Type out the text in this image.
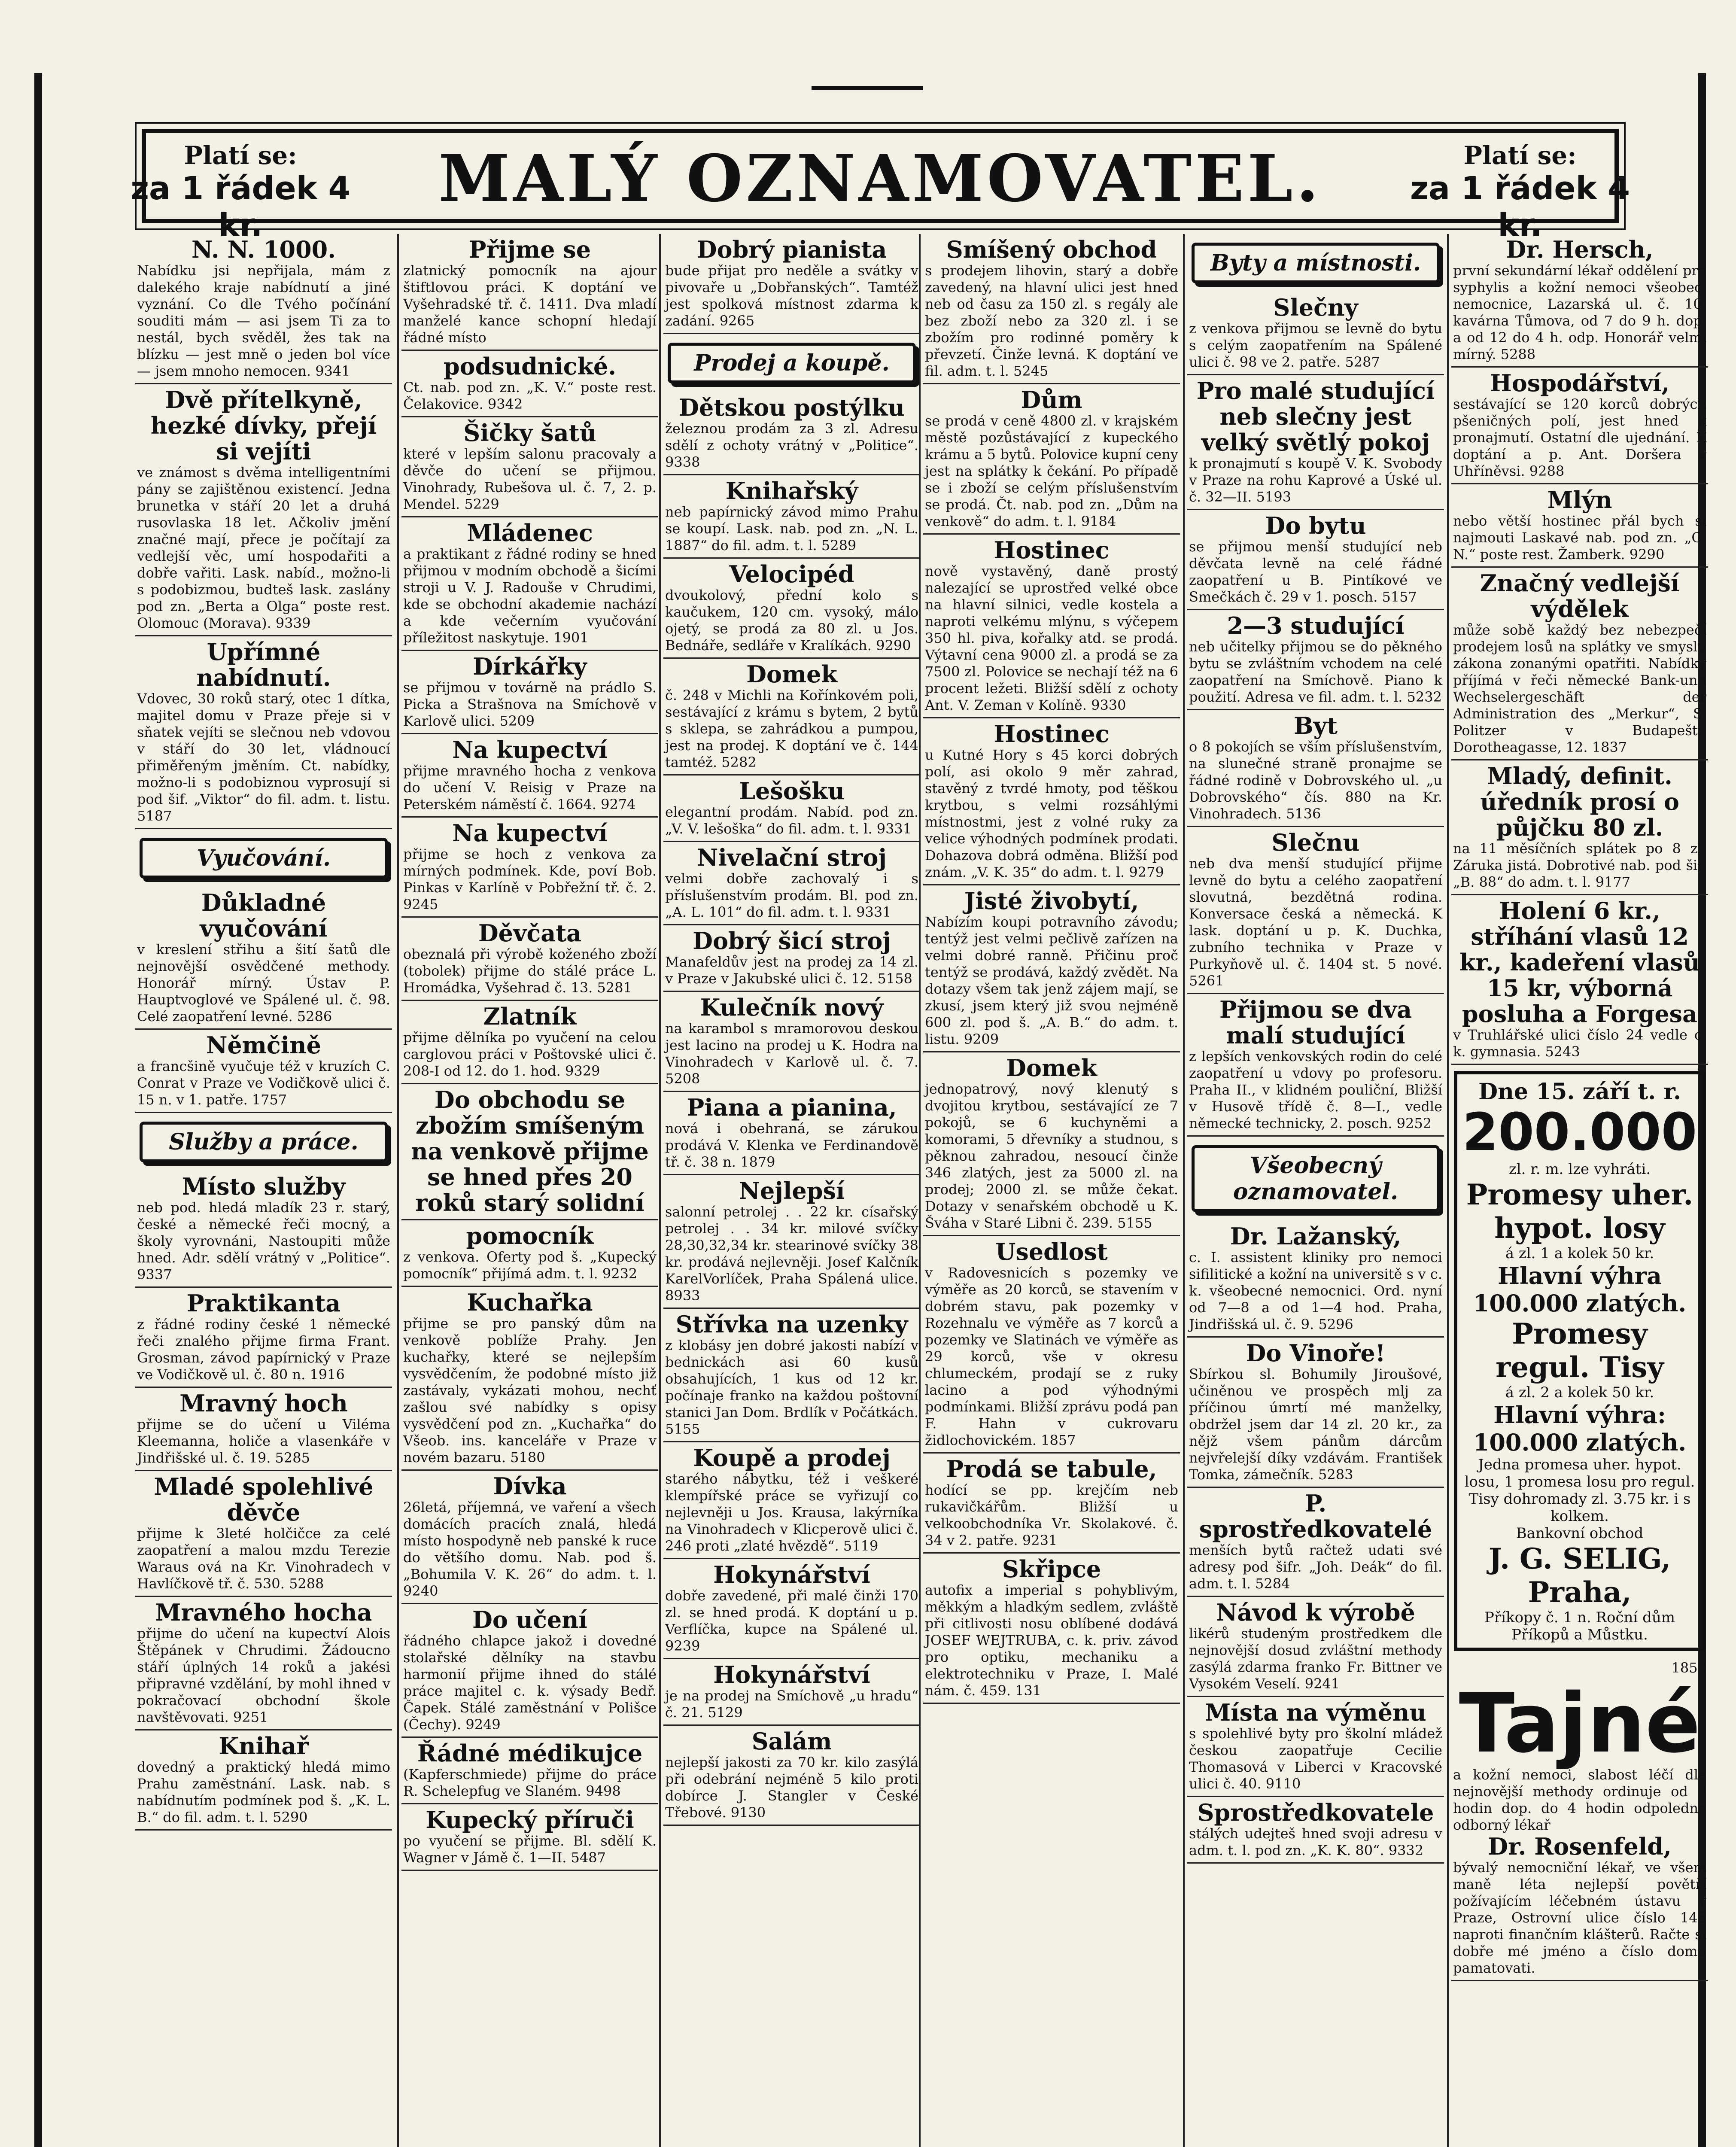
Platí se:
za 1 řádek 4 kr.
MALÝ OZNAMOVATEL.	Platí se:
za 1 řádek 4 kr.
N. N. 1000.
Nabídku jsi nepřijala, mám z dalekého kraje nabídnutí a jiné vyznání. Co dle Tvého počínání souditi mám — asi jsem Ti za to nestál, bych svěděl, žes tak na blízku — jest mně o jeden bol více — jsem mnoho nemocen. 9341
Dvě přítelkyně, hezké dívky, přejí si vejíti
ve známost s dvěma intelligentními pány se zajištěnou existencí. Jedna brunetka v stáří 20 let a druhá rusovlaska 18 let. Ačkoliv jmění značné mají, přece je počítají za vedlejší věc, umí hospodařiti a dobře vařiti. Lask. nabíd., možno-li s podobizmou, budteš lask. zaslány pod zn. „Berta a Olga“ poste rest. Olomouc (Morava). 9339
Upřímné nabídnutí.
Vdovec, 30 roků starý, otec 1 dítka, majitel domu v Praze přeje si v sňatek vejíti se slečnou neb vdovou v stáří do 30 let, vládnoucí přiměřeným jměním. Ct. nabídky, možno-li s podobiznou vyprosují si pod šif. „Viktor“ do fil. adm. t. listu. 5187
Vyučování.
Důkladné vyučování
v kreslení střihu a šití šatů dle nejnovější osvědčené methody. Honorář mírný. Ústav P. Hauptvoglové ve Spálené ul. č. 98. Celé zaopatření levné. 5286
Němčině
a francšině vyučuje též v kruzích C. Conrat v Praze ve Vodičkově ulici č. 15 n. v 1. patře. 1757
Služby a práce.
Místo služby
neb pod. hledá mladík 23 r. starý, české a německé řeči mocný, a školy vyrovnáni, Nastoupiti může hned. Adr. sdělí vrátný v „Politice“. 9337
Praktikanta
z řádné rodiny české 1 německé řeči znalého přijme firma Frant. Grosman, závod papírnický v Praze ve Vodičkově ul. č. 80 n. 1916
Mravný hoch
přijme se do učení u Vilémа Kleemanna, holiče a vlasenkáře v Jindřišské ul. č. 19. 5285
Mladé spolehlivé děvče
přijme k 3leté holčičce za celé zaopatření a malou mzdu Terezie Waraus ová na Kr. Vinohradech v Havlíčkově tř. č. 530. 5288
Mravného hocha
přijme do učení na kupectví Alois Štěpánek v Chrudimi. Žádoucno stáří úplných 14 roků a jakési připravné vzdělání, by mohl ihned v pokračovací obchodní škole navštěvovati. 9251
Knihař
dovedný a praktický hledá mimo Prahu zaměstnání. Lask. nab. s nabídnutím podmínek pod š. „K. L. B.“ do fil. adm. t. l. 5290
Přijme se
zlatnický pomocník na ajour štiftlovou práci. K doptání ve Vyšehradské tř. č. 1411. Dva mladí manželé kance schopní hledají řádné místo
podsudnické.
Ct. nab. pod zn. „K. V.“ poste rest. Čelakovice. 9342
Šičky šatů
které v lepším salonu pracovaly a děvče do učení se přijmou. Vinohrady, Rubešova ul. č. 7, 2. p. Mendel. 5229
Mládenec
a praktikant z řádné rodiny se hned přijmou v modním obchodě a šicími stroji u V. J. Radouše v Chrudimi, kde se obchodní akademie nachází a kde večerním vyučování příležitost naskytuje. 1901
Dírkářky
se přijmou v továrně na prádlo S. Picka a Strašnova na Smíchově v Karlově ulici. 5209
Na kupectví
přijme mravného hocha z venkova do učení V. Reisig v Praze na Peterském náměstí č. 1664. 9274
Na kupectví
přijme se hoch z venkova za mírných podmínek. Kde, poví Bob. Pinkas v Karlíně v Pobřežní tř. č. 2. 9245
Děvčata
obeznalá při výrobě koženého zboží (tobolek) přijme do stálé práce L. Hromádka, Vyšehrad č. 13. 5281
Zlatník
přijme dělníka po vyučení na celou carglovou práci v Poštovské ulici č. 208-I od 12. do 1. hod. 9329
Do obchodu se zbožím smíšeným na venkově přijme se hned přes 20 roků starý solidní
pomocník
z venkova. Oferty pod š. „Kupecký pomocník“ přijímá adm. t. l. 9232
Kuchařka
přijme se pro panský dům na venkově poblíže Prahy. Jen kuchařky, které se nejlepším vysvědčením, že podobné místo již zastávaly, vykázati mohou, nechť zašlou své nabídky s opisy vysvědčení pod zn. „Kuchařka“ do Všeob. ins. kanceláře v Praze v novém bazaru. 5180
Dívka
26letá, příjemná, ve vaření a všech domácích pracích znalá, hledá místo hospodyně neb panské k ruce do většího domu. Nab. pod š. „Bohumila V. K. 26“ do adm. t. l. 9240
Do učení
řádného chlapce jakož i dovedné stolařské dělníky na stavbu harmonií přijme ihned do stálé práce majitel c. k. výsady Bedř. Čapek. Stálé zaměstnání v Polišce (Čechy). 9249
Řádné médikujce
(Kapferschmiede) přijme do práce R. Schelepfug ve Slaném. 9498
Kupecký příruči
po vyučení se přijme. Bl. sdělí K. Wagner v Jámě č. 1—II. 5487
Dobrý pianista
bude přijat pro neděle a svátky v pivovaře u „Dobřanských“. Tamtéž jest spolková místnost zdarma k zadání. 9265
Prodej a koupě.
Dětskou postýlku
železnou prodám za 3 zl. Adresu sdělí z ochoty vrátný v „Politice“. 9338
Knihařský
neb papírnický závod mimo Prahu se koupí. Lask. nab. pod zn. „N. L. 1887“ do fil. adm. t. l. 5289
Velocipéd
dvoukolový, přední kolo s kaučukem, 120 cm. vysoký, málo ojetý, se prodá za 80 zl. u Jos. Bednáře, sedláře v Kralíkách. 9290
Domek
č. 248 v Michli na Kořínkovém poli, sestávající z krámu s bytem, 2 bytů s sklepa, se zahrádkou a pumpou, jest na prodej. K doptání ve č. 144 tamtéž. 5282
Lešošku
elegantní prodám. Nabíd. pod zn. „V. V. lešoška“ do fil. adm. t. l. 9331
Nivelační stroj
velmi dobře zachovalý i s příslušenstvím prodám. Bl. pod zn. „A. L. 101“ do fil. adm. t. l. 9331
Dobrý šicí stroj
Manafeldův jest na prodej za 14 zl. v Praze v Jakubské ulici č. 12. 5158
Kulečník nový
na karambol s mramorovou deskou jest lacino na prodej u K. Hodra na Vinohradech v Karlově ul. č. 7. 5208
Piana a pianina,
nová i obehraná, se zárukou prodává V. Klenka ve Ferdinandově tř. č. 38 n. 1879
Nejlepší
salonní petrolej . . 22 kr. císařský petrolej . . 34 kr. milové svíčky 28,30,32,34 kr. stearinové svíčky 38 kr. prodává nejlevněji. Josef Kalčník KarelVorlíček, Praha Spálená ulice. 8933
Střívka na uzenky
z klobásy jen dobré jakosti nabízí v bednickách asi 60 kusů obsahujících, 1 kus od 12 kr. počínaje franko na každou poštovní stanici Jan Dom. Brdlík v Počátkách. 5155
Koupě a prodej
starého nábytku, též i veškeré klempířské práce se vyřizují co nejlevněji u Jos. Krausa, lakýrníka na Vinohradech v Klicperově ulici č. 246 proti „zlaté hvězdě“. 5119
Hokynářství
dobře zavedené, při malé činži 170 zl. se hned prodá. K doptání u p. Verflíčka, kupce na Spálené ul. 9239
Hokynářství
je na prodej na Smíchově „u hradu“ č. 21. 5129
Salám
nejlepší jakosti za 70 kr. kilo zasýlá při odebrání nejméně 5 kilo proti dobírce J. Stangler v České Třebové. 9130
Smíšený obchod
s prodejem lihovin, starý a dobře zavedený, na hlavní ulici jest hned neb od času za 150 zl. s regály ale bez zboží nebo za 320 zl. i se zbožím pro rodinné poměry k převzetí. Činže levná. K doptání ve fil. adm. t. l. 5245
Dům
se prodá v ceně 4800 zl. v krajském městě pozůstávající z kupeckého krámu a 5 bytů. Polovice kupní ceny jest na splátky k čekání. Po případě se i zboží se celým příslušenstvím se prodá. Čt. nab. pod zn. „Dům na venkově“ do adm. t. l. 9184
Hostinec
nově vystavěný, daně prostý nalezající se uprostřed velké obce na hlavní silnici, vedle kostela a naproti velkému mlýnu, s výčepem 350 hl. piva, kořalky atd. se prodá. Výtavní cena 9000 zl. a prodá se za 7500 zl. Polovice se nechají též na 6 procent ležeti. Bližší sdělí z ochoty Ant. V. Zeman v Kolíně. 9330
Hostinec
u Kutné Hory s 45 korci dobrých polí, asi okolo 9 měr zahrad, stavěný z tvrdé hmoty, pod těškou krytbou, s velmi rozsáhlými místnostmi, jest z volné ruky za velice výhodných podmínek prodati. Dohazova dobrá odměna. Bližší pod znám. „V. K. 35“ do adm. t. l. 9279
Jisté živobytí,
Nabízím koupi potravního závodu; tentýž jest velmi pečlivě zařízen na velmi dobré ranně. Přičinu proč tentýž se prodává, každý zvědět. Na dotazy všem tak jenž zájem mají, se zkusí, jsem který již svou nejméně 600 zl. pod š. „A. B.“ do adm. t. listu. 9209
Domek
jednopatrový, nový klenutý s dvojitou krytbou, sestávající ze 7 pokojů, se 6 kuchyněmi a komorami, 5 dřevníky a studnou, s pěknou zahradou, nesoucí činže 346 zlatých, jest za 5000 zl. na prodej; 2000 zl. se může čekat. Dotazy v senařském obchodě u K. Šváha v Staré Libni č. 239. 5155
Usedlost
v Radovesnicích s pozemky ve výměře as 20 korců, se stavením v dobrém stavu, pak pozemky v Rozehnalu ve výměře as 7 korců a pozemky ve Slatinách ve výměře as 29 korců, vše v okresu chlumeckém, prodají se z ruky lacino a pod výhodnými podmínkami. Bližší zprávu podá pan F. Hahn v cukrovaru židlochovickém. 1857
Prodá se tabule,
hodící se pp. krejčím neb rukavičkářům. Bližší u velkoobchodníka Vr. Skolakové. č. 34 v 2. patře. 9231
Skřipce
autofix a imperial s pohyblivým, měkkým a hladkým sedlem, zvláště při citlivosti nosu oblíbené dodává JOSEF WEJTRUBA, c. k. priv. závod pro optiku, mechaniku a elektrotechniku v Praze, I. Malé nám. č. 459. 131
Byty a místnosti.
Slečny
z venkova přijmou se levně do bytu s celým zaopatřením na Spálené ulici č. 98 ve 2. patře. 5287
Pro malé studující neb slečny jest velký světlý pokoj
k pronajmutí s koupě V. K. Svobody v Praze na rohu Kaprové a Úské ul. č. 32—II. 5193
Do bytu
se přijmou menší studující neb děvčata levně na celé řádné zaopatření u B. Pintíkové ve Smečkách č. 29 v 1. posch. 5157
2—3 studující
neb učitelky přijmou se do pěkného bytu se zvláštním vchodem na celé zaopatření na Smíchově. Piano k použití. Adresa ve fil. adm. t. l. 5232
Byt
o 8 pokojích se vším příslušenstvím, na slunečné straně pronajme se řádné rodině v Dobrovského ul. „u Dobrovského“ čís. 880 na Kr. Vinohradech. 5136
Slečnu
neb dva menší studující přijme levně do bytu a celého zaopatření slovutná, bezdětná rodina. Konversace česká a německá. K lask. doptání u p. K. Duchka, zubního technika v Praze v Purkyňově ul. č. 1404 st. 5 nové. 5261
Přijmou se dva malí studující
z lepších venkovských rodin do celé zaopatření u vdovy po profesoru. Praha II., v klidném pouliční, Bližší v Husově třídě č. 8—I., vedle německé technicky, 2. posch. 9252
Všeobecný oznamovatel.
Dr. Lažanský,
c. I. assistent kliniky pro nemoci sifilitické a kožní na universitě s v c. k. všeobecné nemocnici. Ord. nyní od 7—8 a od 1—4 hod. Praha, Jindřišská ul. č. 9. 5296
Do Vinoře!
Sbírkou sl. Bohumily Jiroušové, učiněnou ve prospěch mlj za příčinou úmrtí mé manželky, obdržel jsem dar 14 zl. 20 kr., za nějž všem pánům dárcům nejvřelejší díky vzdávám. František Tomka, zámečník. 5283
P. sprostředkovatelé
menších bytů račtež udati své adresy pod šifr. „Joh. Deák“ do fil. adm. t. l. 5284
Návod k výrobě
likérů studeným prostředkem dle nejnovější dosud zvláštní methody zasýlá zdarma franko Fr. Bittner ve Vysokém Veselí. 9241
Místa na výměnu
s spolehlivé byty pro školní mládež českou zaopatřuje Cecilie Thomasová v Liberci v Kracovské ulici č. 40. 9110
Sprostředkovatele
stálých udejteš hned svoji adresu v adm. t. l. pod zn. „K. K. 80“. 9332
Dr. Hersch,
první sekundární lékař oddělení pro syphylis a kožní nemoci všeobec. nemocnice, Lazarská ul. č. 10, kavárna Tůmova, od 7 do 9 h. dop. a od 12 do 4 h. odp. Honorář velmi mírný. 5288
Hospodářství,
sestávající se 120 korců dobrých pšeničných polí, jest hned k pronajmutí. Ostatní dle ujednání. K doptání a p. Ant. Doršera v Uhříněvsi. 9288
Mlýn
nebo větší hostinec přál bych si najmouti Laskavé nab. pod zn. „G. N.“ poste rest. Žamberk. 9290
Značný vedlejší výdělek
může sobě každý bez nebezpečí prodejem losů na splátky ve smyslu zákona zonanými opatřiti. Nabídky příjímá v řeči německé Bank-und Wechselergeschäft der Administration des „Merkur“, S. Politzer v Budapešti, Dorotheagasse, 12. 1837
Mladý, definit. úředník prosí o půjčku 80 zl.
na 11 měsíčních splátek po 8 zl. Záruka jistá. Dobrotivé nab. pod šif. „B. 88“ do adm. t. l. 9177
Holení 6 kr., stříhání vlasů 12 kr., kadeření vlasů 15 kr, výborná posluha a Forgesa
v Truhlářské ulici číslo 24 vedle c. k. gymnasia. 5243
Dne 15. září t. r.
200.000
zl. r. m. lze vyhráti.
Promesy uher. hypot. losy
á zl. 1 a kolek 50 kr.
Hlavní výhra 100.000 zlatých.
Promesy regul. Tisy
á zl. 2 a kolek 50 kr.
Hlavní výhra: 100.000 zlatých.
Jedna promesa uher. hypot. losu, 1 promesa losu pro regul. Tisy dohromady zl. 3.75 kr. i s kolkem.
Bankovní obchod
J. G. SELIG, Praha,
Příkopy č. 1 n. Roční dům Příkopů a Můstku.
1853
Tajné
a kožní nemoci, slabost léčí dle nejnovější methody ordinuje od 9 hodin dop. do 4 hodin odpoledne odborný lékař
Dr. Rosenfeld,
bývalý nemocniční lékař, ve všem maně léta nejlepší povětří požívajícím léčebném ústavu v Praze, Ostrovní ulice číslo 146 naproti finančním klášterů. Račte si dobře mé jméno a číslo domu pamatovati.
